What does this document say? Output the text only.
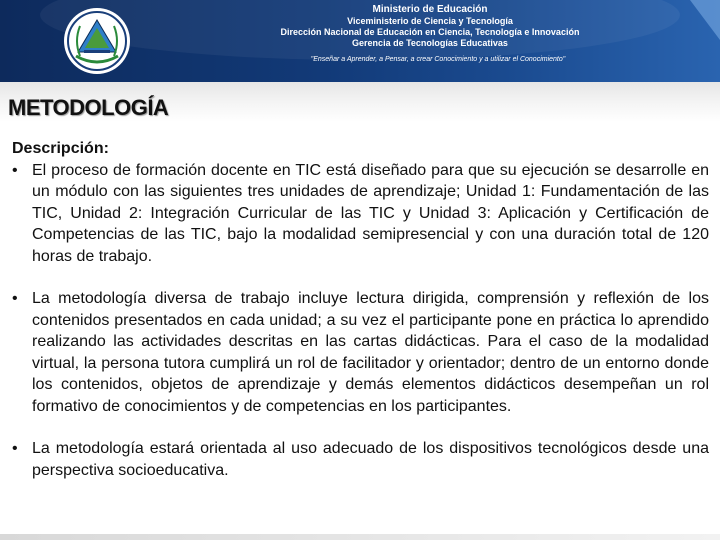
Ministerio de Educación
Viceministerio de Ciencia y Tecnología
Dirección Nacional de Educación en Ciencia, Tecnología e Innovación
Gerencia de Tecnologías Educativas
"Enseñar a Aprender, a Pensar, a crear Conocimiento y a utilizar el Conocimiento"
METODOLOGÍA

Descripción:

• El proceso de formación docente en TIC está diseñado para que su ejecución se desarrolle en un módulo con las siguientes tres unidades de aprendizaje; Unidad 1: Fundamentación de las TIC, Unidad 2: Integración Curricular de las TIC y Unidad 3: Aplicación y Certificación de Competencias de las TIC, bajo la modalidad semipresencial y con una duración total de 120 horas de trabajo.

• La metodología diversa de trabajo incluye lectura dirigida, comprensión y reflexión de los contenidos presentados en cada unidad; a su vez el participante pone en práctica lo aprendido realizando las actividades descritas en las cartas didácticas. Para el caso de la modalidad virtual, la persona tutora cumplirá un rol de facilitador y orientador; dentro de un entorno donde los contenidos, objetos de aprendizaje y demás elementos didácticos desempeñan un rol formativo de conocimientos y de competencias en los participantes.

• La metodología estará orientada al uso adecuado de los dispositivos tecnológicos desde una perspectiva socioeducativa.
